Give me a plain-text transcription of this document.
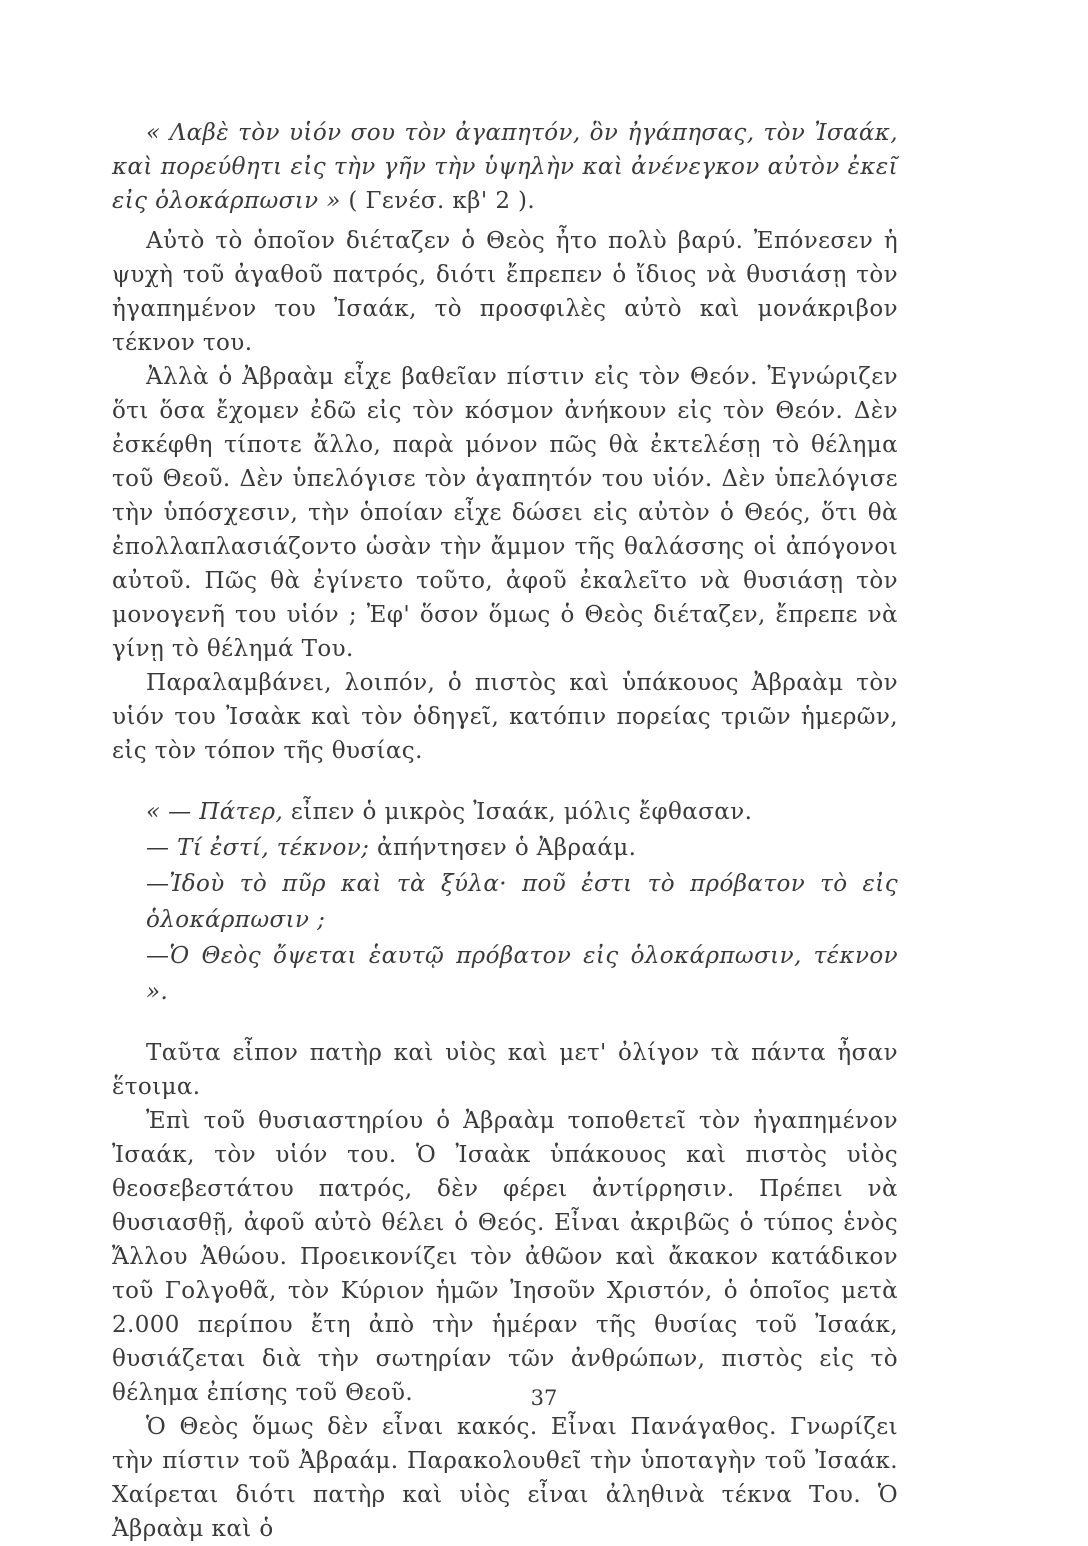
« Λαβὲ τὸν υἱόν σου τὸν ἀγαπητόν, ὃν ἠγάπησας, τὸν Ἰσαάκ, καὶ πορεύθητι εἰς τὴν γῆν τὴν ὑψηλὴν καὶ ἀνένεγκον αὐτὸν ἐκεῖ εἰς ὁλοκάρπωσιν » ( Γενέσ. κβ' 2 ).

Αὐτὸ τὸ ὁποῖον διέταζεν ὁ Θεὸς ἦτο πολὺ βαρύ. Ἐπόνεσεν ἡ ψυχὴ τοῦ ἀγαθοῦ πατρός, διότι ἔπρεπεν ὁ ἴδιος νὰ θυσιάσῃ τὸν ἠγαπημένον του Ἰσαάκ, τὸ προσφιλὲς αὐτὸ καὶ μονάκριβον τέκνον του.

Ἀλλὰ ὁ Ἀβραὰμ εἶχε βαθεῖαν πίστιν εἰς τὸν Θεόν. Ἐγνώριζεν ὅτι ὅσα ἔχομεν ἐδῶ εἰς τὸν κόσμον ἀνήκουν εἰς τὸν Θεόν. Δὲν ἐσκέφθη τίποτε ἄλλο, παρὰ μόνον πῶς θὰ ἐκτελέσῃ τὸ θέλημα τοῦ Θεοῦ. Δὲν ὑπελόγισε τὸν ἀγαπητόν του υἱόν. Δὲν ὑπελόγισε τὴν ὑπόσχεσιν, τὴν ὁποίαν εἶχε δώσει εἰς αὐτὸν ὁ Θεός, ὅτι θὰ ἐπολλαπλασιάζοντο ὡσὰν τὴν ἄμμον τῆς θαλάσσης οἱ ἀπόγονοι αὐτοῦ. Πῶς θὰ ἐγίνετο τοῦτο, ἀφοῦ ἐκαλεῖτο νὰ θυσιάσῃ τὸν μονογενῆ του υἱόν ; Ἐφ' ὅσον ὅμως ὁ Θεὸς διέταζεν, ἔπρεπε νὰ γίνῃ τὸ θέλημά Του.

Παραλαμβάνει, λοιπόν, ὁ πιστὸς καὶ ὑπάκουος Ἀβραὰμ τὸν υἱόν του Ἰσαὰκ καὶ τὸν ὁδηγεῖ, κατόπιν πορείας τριῶν ἡμερῶν, εἰς τὸν τόπον τῆς θυσίας.

« — Πάτερ, εἶπεν ὁ μικρὸς Ἰσαάκ, μόλις ἔφθασαν.

— Τί ἐστί, τέκνον; ἀπήντησεν ὁ Ἀβραάμ.

—Ἰδοὺ τὸ πῦρ καὶ τὰ ξύλα· ποῦ ἐστι τὸ πρόβατον τὸ εἰς ὁλοκάρπωσιν ;

—Ὁ Θεὸς ὄψεται ἑαυτῷ πρόβατον εἰς ὁλοκάρπωσιν, τέκνον ».

Ταῦτα εἶπον πατὴρ καὶ υἱὸς καὶ μετ' ὀλίγον τὰ πάντα ἦσαν ἕτοιμα.

Ἐπὶ τοῦ θυσιαστηρίου ὁ Ἀβραὰμ τοποθετεῖ τὸν ἠγαπημένον Ἰσαάκ, τὸν υἱόν του. Ὁ Ἰσαὰκ ὑπάκουος καὶ πιστὸς υἱὸς θεοσεβεστάτου πατρός, δὲν φέρει ἀντίρρησιν. Πρέπει νὰ θυσιασθῇ, ἀφοῦ αὐτὸ θέλει ὁ Θεός. Εἶναι ἀκριβῶς ὁ τύπος ἑνὸς Ἄλλου Ἀθώου. Προεικονίζει τὸν ἀθῶον καὶ ἄκακον κατάδικον τοῦ Γολγοθᾶ, τὸν Κύριον ἡμῶν Ἰησοῦν Χριστόν, ὁ ὁποῖος μετὰ 2.000 περίπου ἔτη ἀπὸ τὴν ἡμέραν τῆς θυσίας τοῦ Ἰσαάκ, θυσιάζεται διὰ τὴν σωτηρίαν τῶν ἀνθρώπων, πιστὸς εἰς τὸ θέλημα ἐπίσης τοῦ Θεοῦ.

Ὁ Θεὸς ὅμως δὲν εἶναι κακός. Εἶναι Πανάγαθος. Γνωρίζει τὴν πίστιν τοῦ Ἀβραάμ. Παρακολουθεῖ τὴν ὑποταγὴν τοῦ Ἰσαάκ. Χαίρεται διότι πατὴρ καὶ υἱὸς εἶναι ἀληθινὰ τέκνα Του. Ὁ Ἀβραὰμ καὶ ὁ

37
